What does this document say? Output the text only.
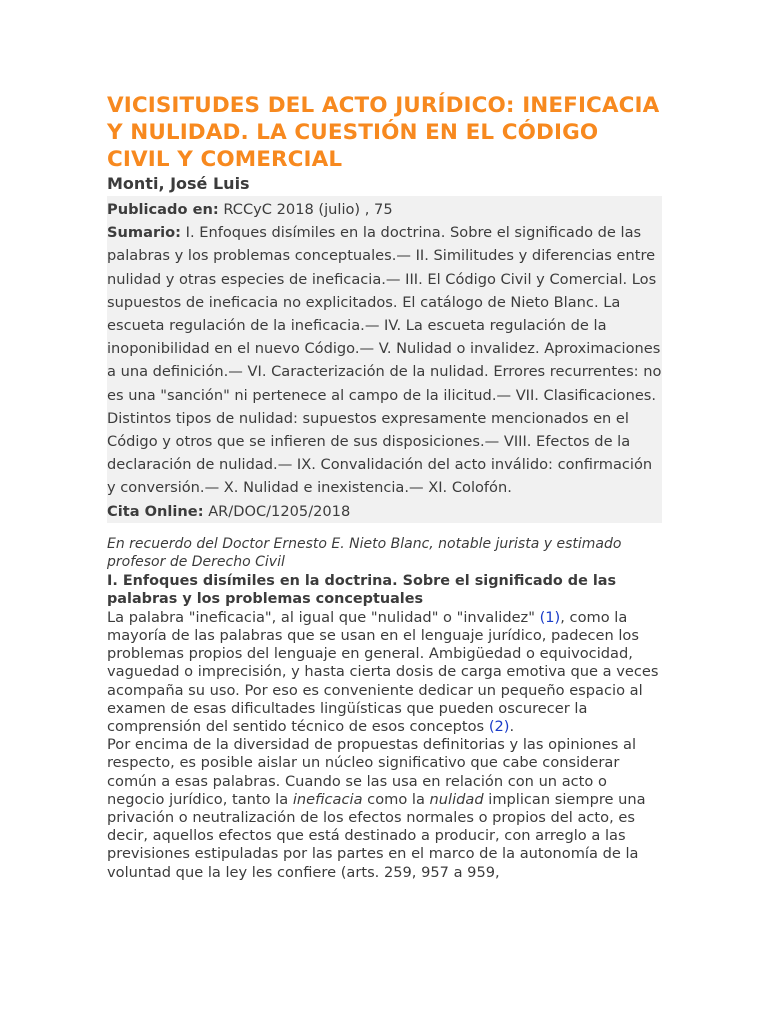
VICISITUDES DEL ACTO JURÍDICO: INEFICACIA Y NULIDAD. LA CUESTIÓN EN EL CÓDIGO CIVIL Y COMERCIAL
Monti, José Luis

Publicado en: RCCyC 2018 (julio) , 75

Sumario: I. Enfoques disímiles en la doctrina. Sobre el significado de las palabras y los problemas conceptuales.— II. Similitudes y diferencias entre nulidad y otras especies de ineficacia.— III. El Código Civil y Comercial. Los supuestos de ineficacia no explicitados. El catálogo de Nieto Blanc. La escueta regulación de la ineficacia.— IV. La escueta regulación de la inoponibilidad en el nuevo Código.— V. Nulidad o invalidez. Aproximaciones a una definición.— VI. Caracterización de la nulidad. Errores recurrentes: no es una "sanción" ni pertenece al campo de la ilicitud.— VII. Clasificaciones. Distintos tipos de nulidad: supuestos expresamente mencionados en el Código y otros que se infieren de sus disposiciones.— VIII. Efectos de la declaración de nulidad.— IX. Convalidación del acto inválido: confirmación y conversión.— X. Nulidad e inexistencia.— XI. Colofón.

Cita Online: AR/DOC/1205/2018

En recuerdo del Doctor Ernesto E. Nieto Blanc, notable jurista y estimado profesor de Derecho Civil

I. Enfoques disímiles en la doctrina. Sobre el significado de las palabras y los problemas conceptuales

La palabra "ineficacia", al igual que "nulidad" o "invalidez" (1), como la mayoría de las palabras que se usan en el lenguaje jurídico, padecen los problemas propios del lenguaje en general. Ambigüedad o equivocidad, vaguedad o imprecisión, y hasta cierta dosis de carga emotiva que a veces acompaña su uso. Por eso es conveniente dedicar un pequeño espacio al examen de esas dificultades lingüísticas que pueden oscurecer la comprensión del sentido técnico de esos conceptos (2).

Por encima de la diversidad de propuestas definitorias y las opiniones al respecto, es posible aislar un núcleo significativo que cabe considerar común a esas palabras. Cuando se las usa en relación con un acto o negocio jurídico, tanto la ineficacia como la nulidad implican siempre una privación o neutralización de los efectos normales o propios del acto, es decir, aquellos efectos que está destinado a producir, con arreglo a las previsiones estipuladas por las partes en el marco de la autonomía de la voluntad que la ley les confiere (arts. 259, 957 a 959,
